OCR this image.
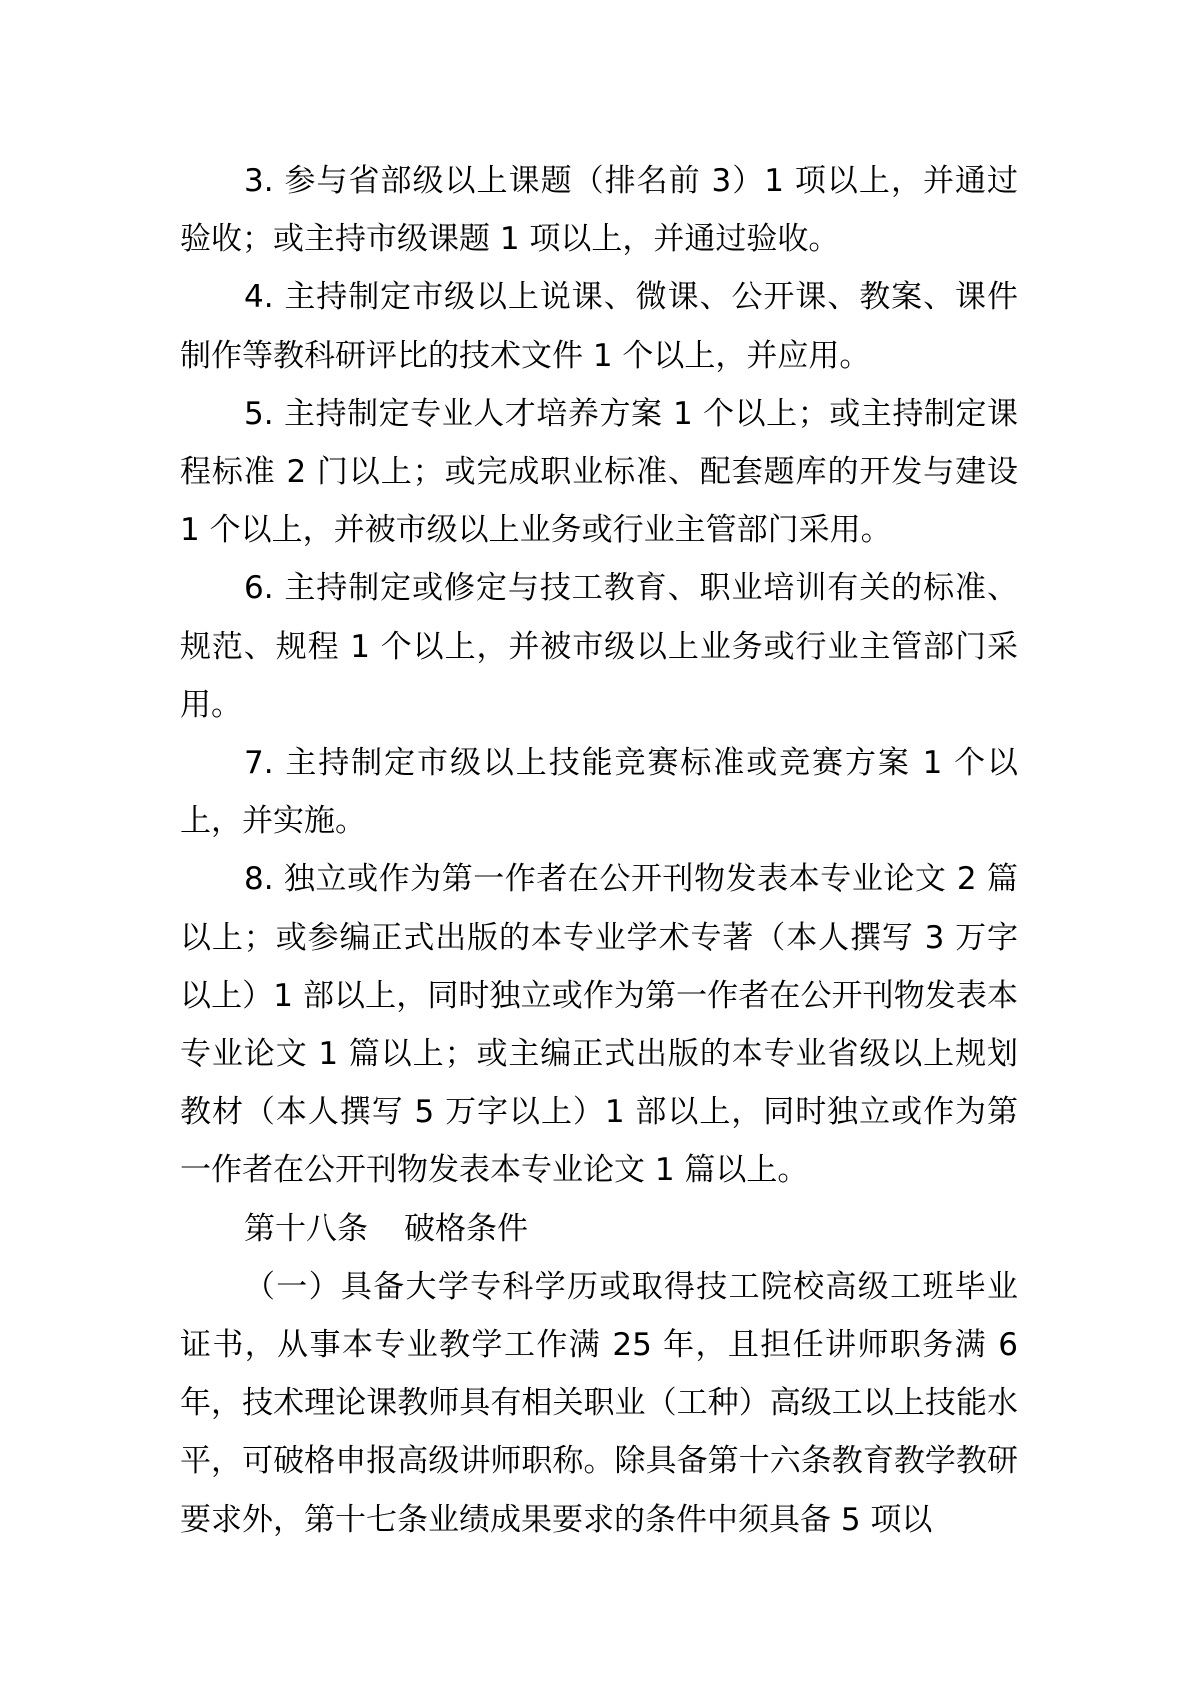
3. 参与省部级以上课题（排名前 3）1 项以上，并通过验收；或主持市级课题 1 项以上，并通过验收。

4. 主持制定市级以上说课、微课、公开课、教案、课件制作等教科研评比的技术文件 1 个以上，并应用。

5. 主持制定专业人才培养方案 1 个以上；或主持制定课程标准 2 门以上；或完成职业标准、配套题库的开发与建设 1 个以上，并被市级以上业务或行业主管部门采用。

6. 主持制定或修定与技工教育、职业培训有关的标准、规范、规程 1 个以上，并被市级以上业务或行业主管部门采用。

7. 主持制定市级以上技能竞赛标准或竞赛方案 1 个以上，并实施。

8. 独立或作为第一作者在公开刊物发表本专业论文 2 篇以上；或参编正式出版的本专业学术专著（本人撰写 3 万字以上）1 部以上，同时独立或作为第一作者在公开刊物发表本专业论文 1 篇以上；或主编正式出版的本专业省级以上规划教材（本人撰写 5 万字以上）1 部以上，同时独立或作为第一作者在公开刊物发表本专业论文 1 篇以上。

第十八条 破格条件

（一）具备大学专科学历或取得技工院校高级工班毕业证书，从事本专业教学工作满 25 年，且担任讲师职务满 6 年，技术理论课教师具有相关职业（工种）高级工以上技能水平，可破格申报高级讲师职称。除具备第十六条教育教学教研要求外，第十七条业绩成果要求的条件中须具备 5 项以
